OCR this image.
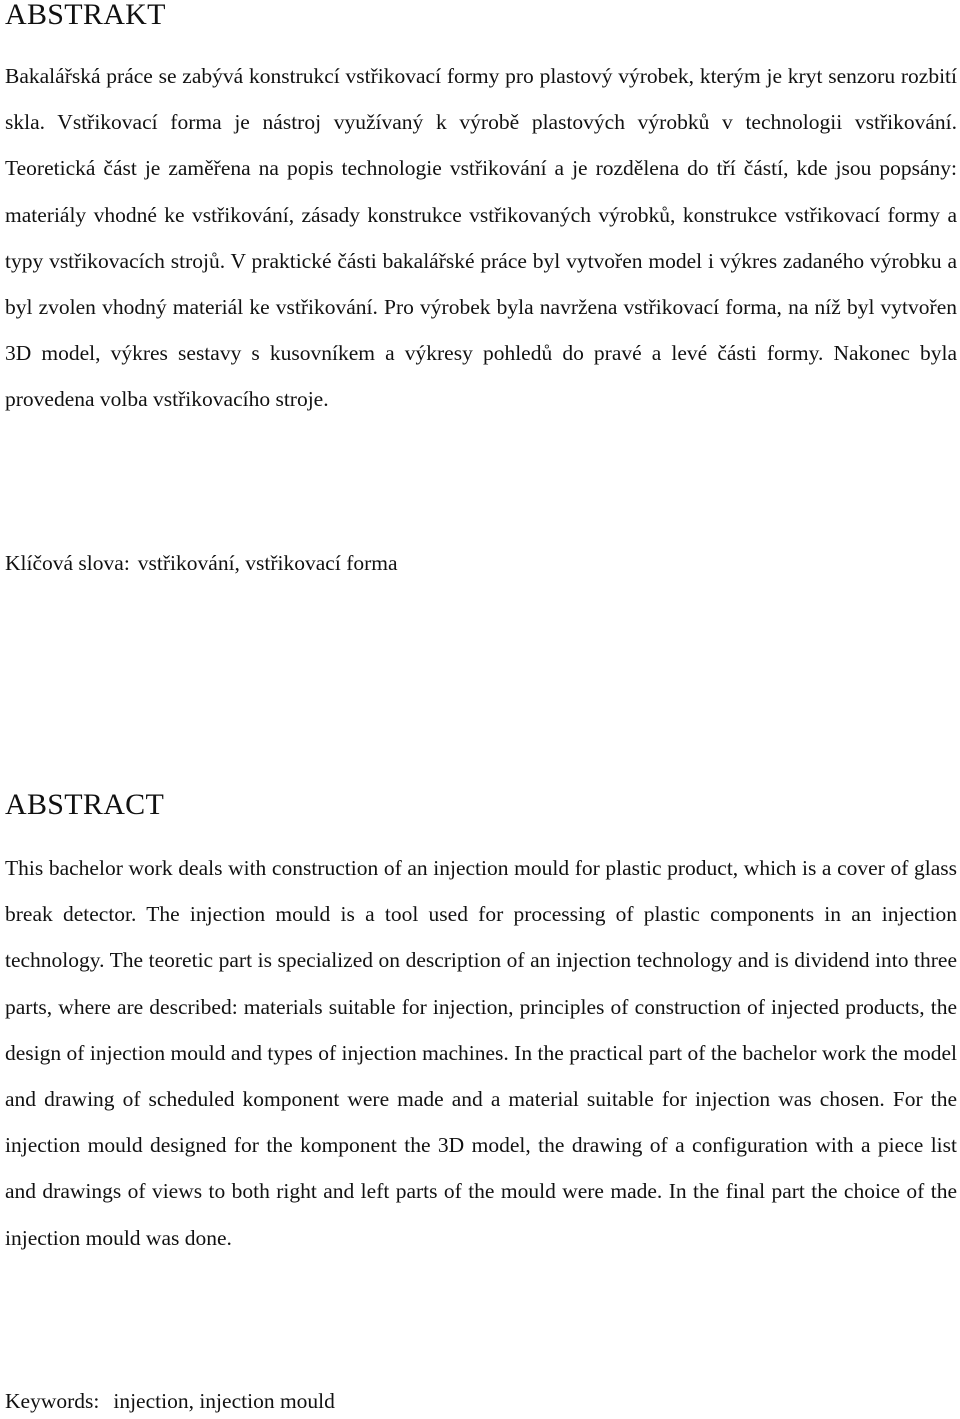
ABSTRAKT

Bakalářská práce se zabývá konstrukcí vstřikovací formy pro plastový výrobek, kterým je kryt senzoru rozbití skla. Vstřikovací forma je nástroj využívaný k výrobě plastových výrobků v technologii vstřikování. Teoretická část je zaměřena na popis technologie vstřikování a je rozdělena do tří částí, kde jsou popsány: materiály vhodné ke vstřikování, zásady konstrukce vstřikovaných výrobků, konstrukce vstřikovací formy a typy vstřikovacích strojů. V praktické části bakalářské práce byl vytvořen model i výkres zadaného výrobku a byl zvolen vhodný materiál ke vstřikování. Pro výrobek byla navržena vstřikovací forma, na níž byl vytvořen 3D model, výkres sestavy s kusovníkem a výkresy pohledů do pravé a levé části formy. Nakonec byla provedena volba vstřikovacího stroje.

Klíčová slova: vstřikování, vstřikovací forma

ABSTRACT

This bachelor work deals with construction of an injection mould for plastic product, which is a cover of glass break detector. The injection mould is a tool used for processing of plastic components in an injection technology. The teoretic part is specialized on description of an injection technology and is dividend into three parts, where are described: materials suitable for injection, principles of construction of injected products, the design of injection mould and types of injection machines. In the practical part of the bachelor work the model and drawing of scheduled komponent were made and a material suitable for injection was chosen. For the injection mould designed for the komponent the 3D model, the drawing of a configuration with a piece list and drawings of views to both right and left parts of the mould were made. In the final part the choice of the injection mould was done.

Keywords: injection, injection mould
